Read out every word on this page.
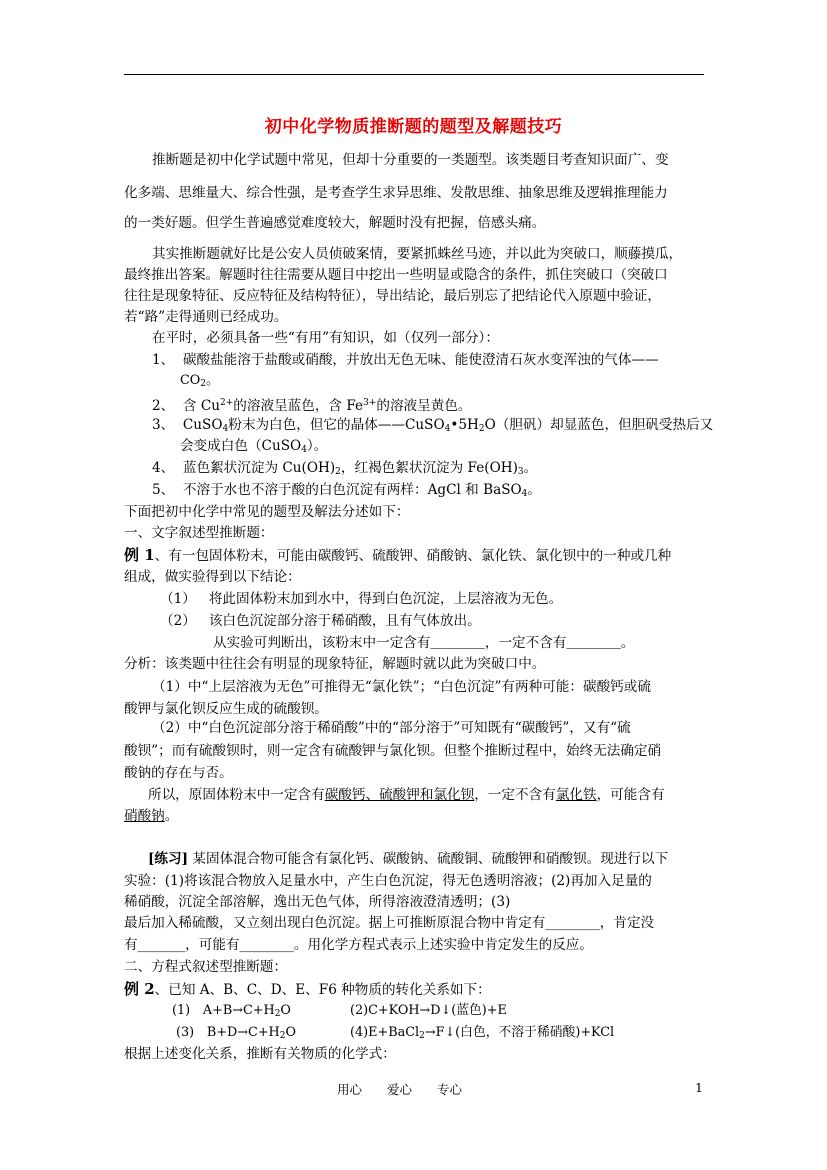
初中化学物质推断题的题型及解题技巧
推断题是初中化学试题中常见，但却十分重要的一类题型。该类题目考查知识面广、变
化多端、思维量大、综合性强，是考查学生求异思维、发散思维、抽象思维及逻辑推理能力
的一类好题。但学生普遍感觉难度较大，解题时没有把握，倍感头痛。
其实推断题就好比是公安人员侦破案情，要紧抓蛛丝马迹，并以此为突破口，顺藤摸瓜，
最终推出答案。解题时往往需要从题目中挖出一些明显或隐含的条件，抓住突破口（突破口
往往是现象特征、反应特征及结构特征），导出结论，最后别忘了把结论代入原题中验证，
若“路”走得通则已经成功。
在平时，必须具备一些“有用”有知识，如（仅列一部分）：
1、 碳酸盐能溶于盐酸或硝酸，并放出无色无味、能使澄清石灰水变浑浊的气体——
$CO_2$。
2、 含 $Cu^{2+}$的溶液呈蓝色，含 $Fe^{3+}$的溶液呈黄色。
3、 CuSO$_4$粉末为白色，但它的晶体$——CuSO_4•5H_2O$（胆矾）却显蓝色，但胆矾受热后又
会变成白色（CuSO$_4$）。
4、 蓝色絮状沉淀为 $Cu(OH)_2$，红褐色絮状沉淀为 $Fe(OH)_3$。
5、 不溶于水也不溶于酸的白色沉淀有两样：AgCl 和 BaSO$_4$。
下面把初中化学中常见的题型及解法分述如下：
一、文字叙述型推断题：
例 1、有一包固体粉末，可能由碳酸钙、硫酸钾、硝酸钠、氯化铁、氯化钡中的一种或几种
组成，做实验得到以下结论：
（1） 将此固体粉末加到水中，得到白色沉淀，上层溶液为无色。
（2） 该白色沉淀部分溶于稀硝酸，且有气体放出。
从实验可判断出，该粉末中一定含有＿＿＿＿，一定不含有＿＿＿＿。
分析：该类题中往往会有明显的现象特征，解题时就以此为突破口中。
（1）中“上层溶液为无色”可推得无“氯化铁”；“白色沉淀”有两种可能：碳酸钙或硫
酸钾与氯化钡反应生成的硫酸钡。
（2）中“白色沉淀部分溶于稀硝酸”中的“部分溶于”可知既有“碳酸钙”，又有“硫
酸钡”；而有硫酸钡时，则一定含有硫酸钾与氯化钡。但整个推断过程中，始终无法确定硝
酸钠的存在与否。
所以，原固体粉末中一定含有碳酸钙、硫酸钾和氯化钡，一定不含有氯化铁，可能含有
硝酸钠。
[练习] 某固体混合物可能含有氯化钙、碳酸钠、硫酸铜、硫酸钾和硝酸钡。现进行以下
实验：(1)将该混合物放入足量水中，产生白色沉淀，得无色透明溶液；(2)再加入足量的
稀硝酸，沉淀全部溶解，逸出无色气体，所得溶液澄清透明；(3)
最后加入稀硫酸，又立刻出现白色沉淀。据上可推断原混合物中肯定有________，肯定没
有_______，可能有________。用化学方程式表示上述实验中肯定发生的反应。
二、方程式叙述型推断题：
例 2、已知 A、B、C、D、E、F6 种物质的转化关系如下：
(1)　$A+B\to C+H_2O$	(2)C+KOH→D↓(蓝色)+E
(3)　$B+D\to C+H_2O$	(4)E+BaCl$_2$→F↓(白色，不溶于稀硝酸)+KCl
根据上述变化关系，推断有关物质的化学式：
用心　　爱心　　专心	1
